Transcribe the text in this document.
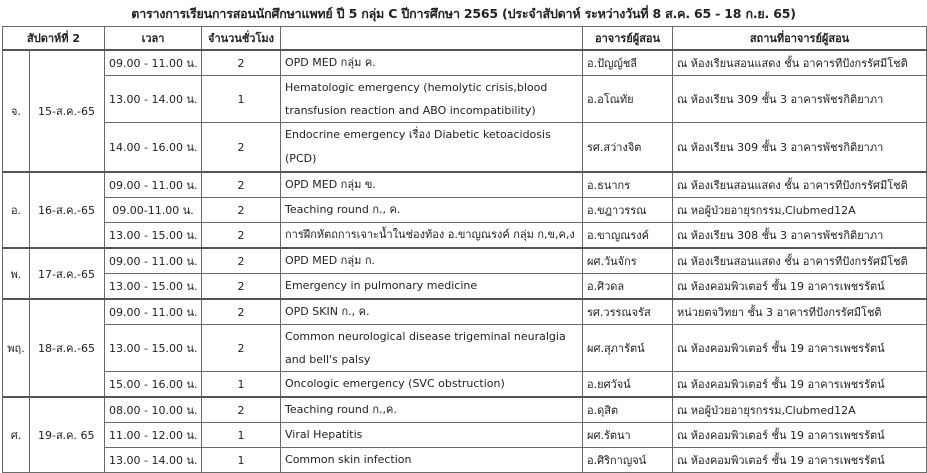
ตารางการเรียนการสอนนักศึกษาแพทย์ ปี 5 กลุ่ม C ปีการศึกษา 2565 (ประจำสัปดาห์ ระหว่างวันที่ 8 ส.ค. 65 - 18 ก.ย. 65)
สัปดาห์ที่ 2		เวลา	จำนวนชั่วโมง		อาจารย์ผู้สอน	สถานที่อาจารย์ผู้สอน
จ.	15-ส.ค.-65	09.00 - 11.00 น.	2	OPD MED กลุ่ม ค.	อ.ปัญญ์ชลี	ณ ห้องเรียนสอนแสดง ชั้น อาคารทีปังกรรัศมีโชติ
		13.00 - 14.00 น.	1	Hematologic emergency (hemolytic crisis,blood transfusion reaction and ABO incompatibility)	อ.อโณทัย	ณ ห้องเรียน 309 ชั้น 3 อาคารพัชรกิติยาภา
		14.00 - 16.00 น.	2	Endocrine emergency เรื่อง Diabetic ketoacidosis (PCD)	รศ.สว่างจิต	ณ ห้องเรียน 309 ชั้น 3 อาคารพัชรกิติยาภา
อ.	16-ส.ค.-65	09.00 - 11.00 น.	2	OPD MED กลุ่ม ข.	อ.ธนากร	ณ ห้องเรียนสอนแสดง ชั้น อาคารทีปังกรรัศมีโชติ
		09.00-11.00 น.	2	Teaching round ก., ค.	อ.ขฎาวรรณ	ณ หอผู้ป่วยอายุรกรรม,Clubmed12A
		13.00 - 15.00 น.	2	การฝึกหัตถการเจาะน้ำในช่องท้อง อ.ขาญณรงค์ กลุ่ม ก,ข,ค,ง	อ.ขาญณรงค์	ณ ห้องเรียน 308 ชั้น 3 อาคารพัชรกิติยาภา
พ.	17-ส.ค.-65	09.00 - 11.00 น.	2	OPD MED กลุ่ม ก.	ผศ.วันจักร	ณ ห้องเรียนสอนแสดง ชั้น อาคารทีปังกรรัศมีโชติ
		13.00 - 15.00 น.	2	Emergency in pulmonary medicine	อ.ศิวดล	ณ ห้องคอมพิวเตอร์ ชั้น 19 อาคารเพชรรัตน์
พฤ.	18-ส.ค.-65	09.00 - 11.00 น.	2	OPD SKIN ก., ค.	รศ.วรรณจรัส	หน่วยตจวิทยา ชั้น 3 อาคารทีปังกรรัศมีโชติ
		13.00 - 15.00 น.	2	Common neurological disease trigeminal neuralgia and bell's palsy	ผศ.สุภารัตน์	ณ ห้องคอมพิวเตอร์ ชั้น 19 อาคารเพชรรัตน์
		15.00 - 16.00 น.	1	Oncologic emergency (SVC obstruction)	อ.ยศวัจน์	ณ ห้องคอมพิวเตอร์ ชั้น 19 อาคารเพชรรัตน์
ศ.	19-ส.ค. 65	08.00 - 10.00 น.	2	Teaching round ก.,ค.	อ.ดุสิต	ณ หอผู้ป่วยอายุรกรรม,Clubmed12A
		11.00 - 12.00 น.	1	Viral Hepatitis	ผศ.รัตนา	ณ ห้องคอมพิวเตอร์ ชั้น 19 อาคารเพชรรัตน์
		13.00 - 14.00 น.	1	Common skin infection	อ.ศิริกาญจน์	ณ ห้องคอมพิวเตอร์ ชั้น 19 อาคารเพชรรัตน์
